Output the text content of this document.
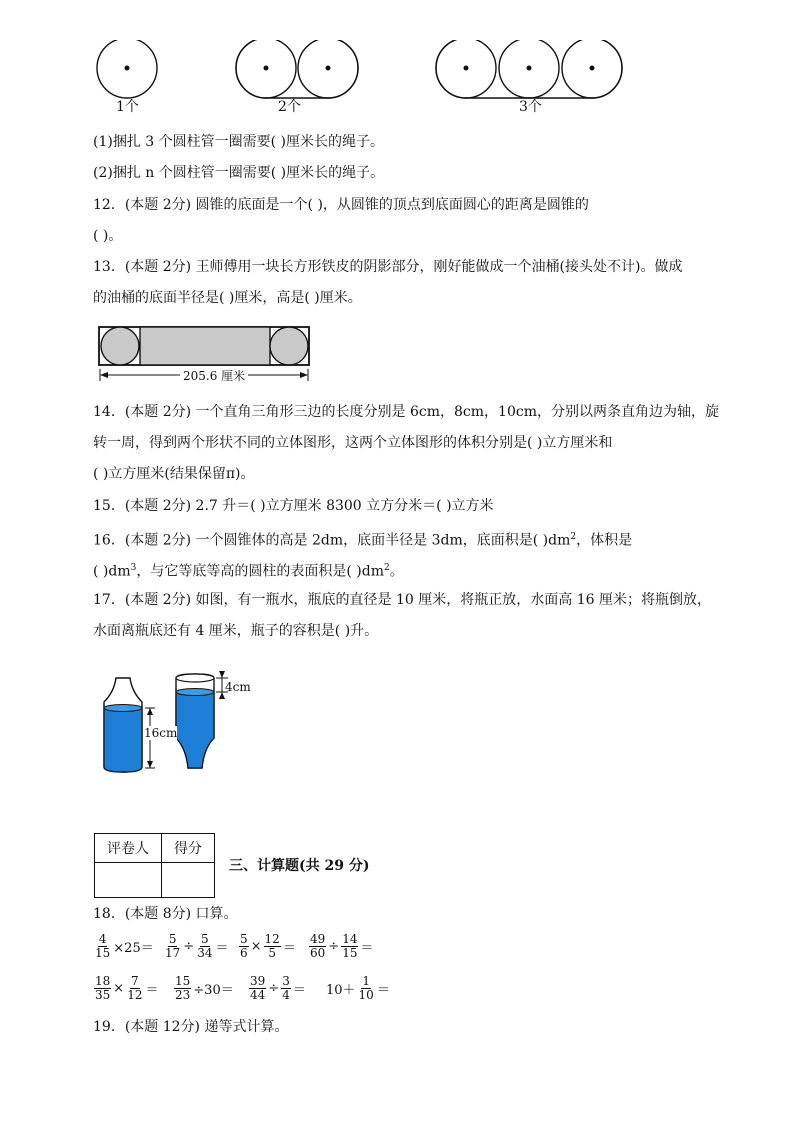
1个	2个	3个
(1)捆扎 3 个圆柱管一圈需要( )厘米长的绳子。
(2)捆扎 n 个圆柱管一圈需要( )厘米长的绳子。
12．(本题 2分) 圆锥的底面是一个( )，从圆锥的顶点到底面圆心的距离是圆锥的
( )。
13．(本题 2分) 王师傅用一块长方形铁皮的阴影部分，刚好能做成一个油桶(接头处不计)。做成
的油桶的底面半径是( )厘米，高是( )厘米。
205.6 厘米
14．(本题 2分) 一个直角三角形三边的长度分别是 6cm，8cm，10cm，分别以两条直角边为轴，旋
转一周，得到两个形状不同的立体图形，这两个立体图形的体积分别是( )立方厘米和
( )立方厘米(结果保留π)。
15．(本题 2分) 2.7 升＝( )立方厘米 8300 立方分米＝( )立方米
16．(本题 2分) 一个圆锥体的高是 2dm，底面半径是 3dm，底面积是( )$dm^2$，体积是
( )$dm^3$，与它等底等高的圆柱的表面积是( )$dm^2$。
17．(本题 2分) 如图，有一瓶水，瓶底的直径是 10 厘米，将瓶正放，水面高 16 厘米；将瓶倒放，
水面离瓶底还有 4 厘米，瓶子的容积是( )升。
4cm
16cm
评卷人	得分

三、计算题(共 29 分)
18．(本题 8分) 口算。
$\frac{4}{15} \times 25= \frac{5}{17} \div \frac{5}{34} = \frac{5}{6} \times \frac{12}{5} = \frac{49}{60} \div \frac{14}{15}$ ＝
$\frac{18}{35} \times \frac{7}{12} = \frac{15}{23} \div 30= \frac{39}{44} \div \frac{3}{4} = 10+ \frac{1}{10}$ ＝
19．(本题 12分) 递等式计算。
